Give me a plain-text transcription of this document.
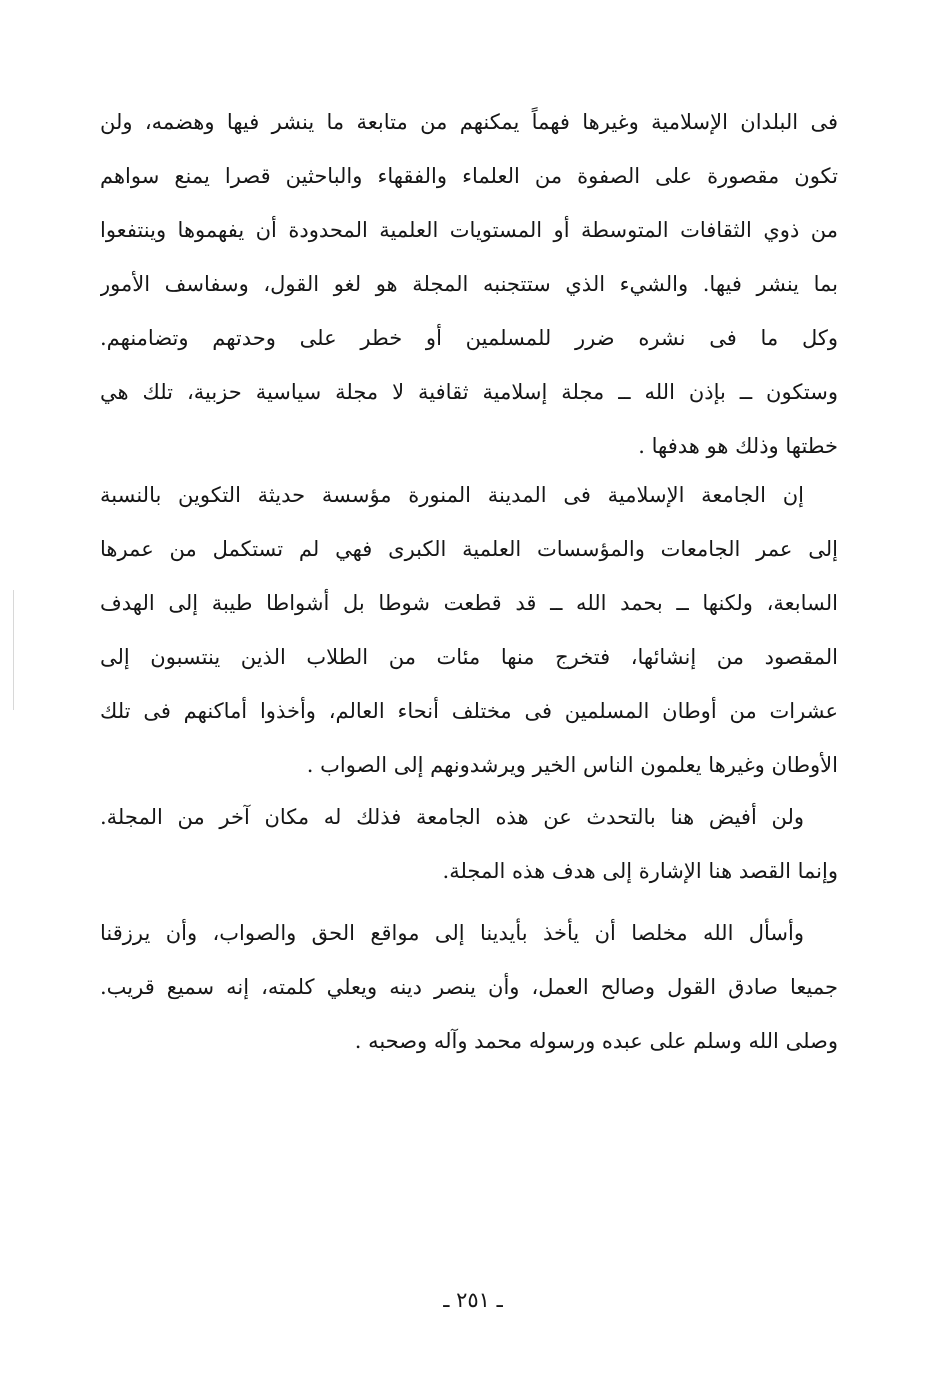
فى البلدان الإسلامية وغيرها فهماً يمكنهم من متابعة ما ينشر فيها وهضمه، ولن
تكون مقصورة على الصفوة من العلماء والفقهاء والباحثين قصرا يمنع سواهم
من ذوي الثقافات المتوسطة أو المستويات العلمية المحدودة أن يفهموها وينتفعوا
بما ينشر فيها. والشيء الذي ستتجنبه المجلة هو لغو القول، وسفاسف الأمور
وكل ما فى نشره ضرر للمسلمين أو خطر على وحدتهم وتضامنهم.
وستكون ــ بإذن الله ــ مجلة إسلامية ثقافية لا مجلة سياسية حزبية، تلك هي
خطتها وذلك هو هدفها .
إن الجامعة الإسلامية فى المدينة المنورة مؤسسة حديثة التكوين بالنسبة
إلى عمر الجامعات والمؤسسات العلمية الكبرى فهي لم تستكمل من عمرها
السابعة، ولكنها ــ بحمد الله ــ قد قطعت شوطا بل أشواطا طيبة إلى الهدف
المقصود من إنشائها، فتخرج منها مئات من الطلاب الذين ينتسبون إلى
عشرات من أوطان المسلمين فى مختلف أنحاء العالم، وأخذوا أماكنهم فى تلك
الأوطان وغيرها يعلمون الناس الخير ويرشدونهم إلى الصواب .
ولن أفيض هنا بالتحدث عن هذه الجامعة فذلك له مكان آخر من المجلة.
وإنما القصد هنا الإشارة إلى هدف هذه المجلة.
وأسأل الله مخلصا أن يأخذ بأيدينا إلى مواقع الحق والصواب، وأن يرزقنا
جميعا صادق القول وصالح العمل، وأن ينصر دينه ويعلي كلمته، إنه سميع قريب.
وصلى الله وسلم على عبده ورسوله محمد وآله وصحبه .
ـ ٢٥١ ـ
